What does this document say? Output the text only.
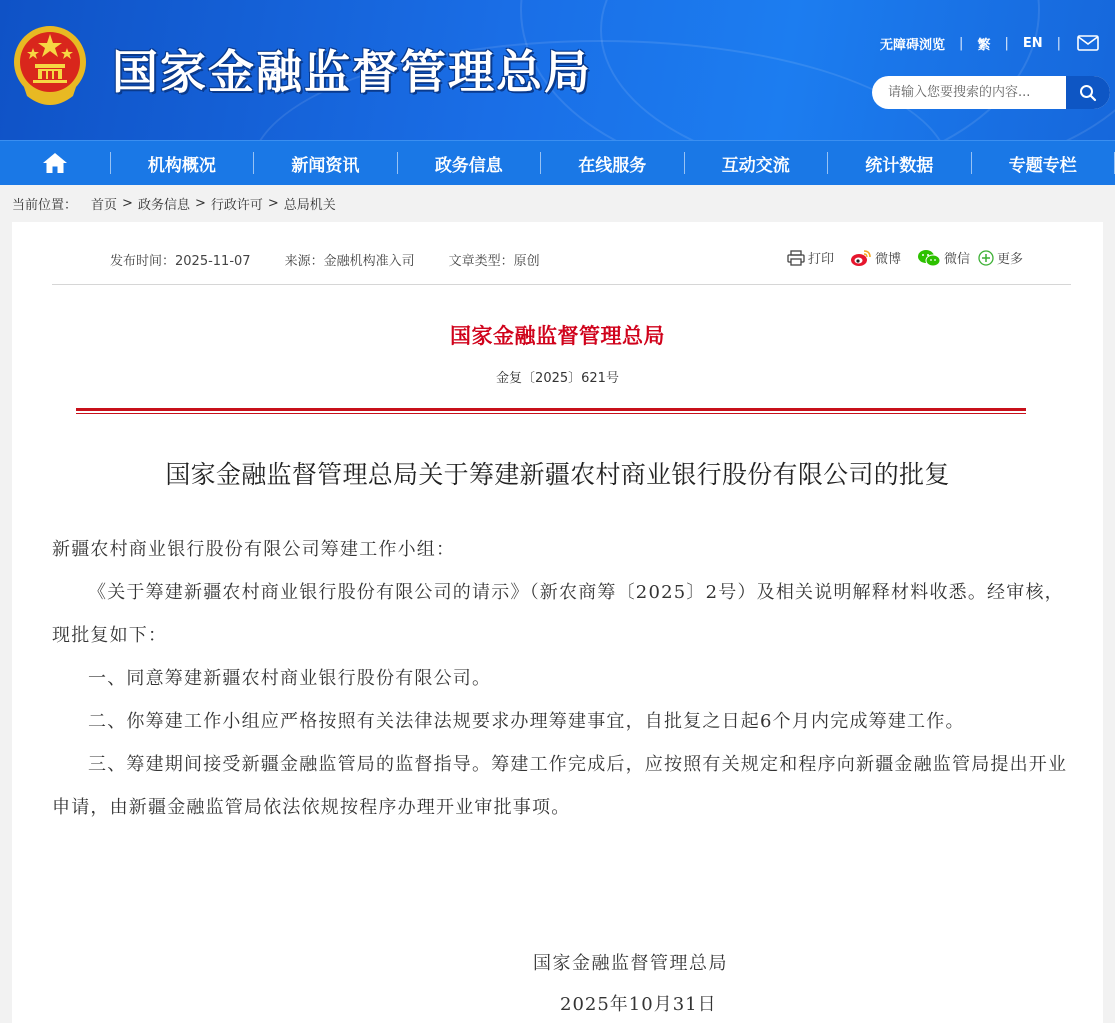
国家金融监督管理总局	无障碍浏览 | 繁 | EN |
请输入您要搜索的内容...
机构概况	新闻资讯	政务信息	在线服务	互动交流	统计数据	专题专栏
当前位置： 首页 > 政务信息 > 行政许可 > 总局机关
发布时间：2025-11-07	来源：金融机构准入司	文章类型：原创	打印	微博	微信 更多
国家金融监督管理总局
金复〔2025〕621号
国家金融监督管理总局关于筹建新疆农村商业银行股份有限公司的批复

新疆农村商业银行股份有限公司筹建工作小组：

《关于筹建新疆农村商业银行股份有限公司的请示》（新农商筹〔2025〕2号）及相关说明解释材料收悉。经审核，现批复如下：

一、同意筹建新疆农村商业银行股份有限公司。

二、你筹建工作小组应严格按照有关法律法规要求办理筹建事宜，自批复之日起6个月内完成筹建工作。

三、筹建期间接受新疆金融监管局的监督指导。筹建工作完成后，应按照有关规定和程序向新疆金融监管局提出开业申请，由新疆金融监管局依法依规按程序办理开业审批事项。

国家金融监督管理总局
2025年10月31日
